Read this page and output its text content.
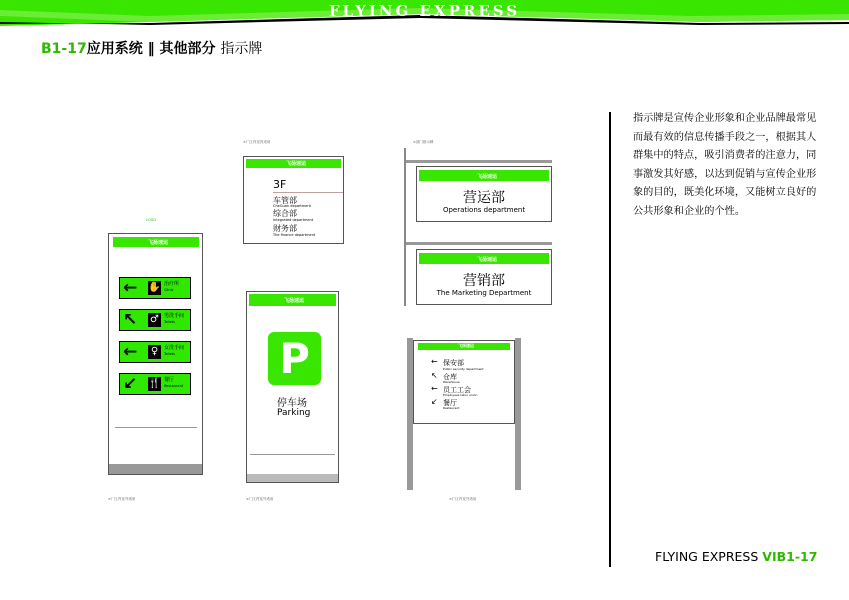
FLYING EXPRESS
B1-17应用系统 ‖ 其他部分 指示牌
LOGO
飞扬速运
← ✋ 治疗所
Clinic
↖ ♂	男洗手间
Toilets
← ♀	女洗手间
Toilets
↙ 🍴 餐厅
Restaurant
×厂区内室外适用
×厂区内室内适用
飞扬速运
3F
车管部
CheGuan department
综合部
Integrated department
财务部
The finance department
飞扬速运
P
停车场
Parking
×厂区内室外适用
×部门指示牌
飞扬速运
营运部
Operations department
飞扬速运
营销部
The Marketing Department
飞扬速运
← 保安部
Public security department
↖ 仓库
Warehouse
← 员工工会
Employees labor union
↙ 餐厅
Restaurant
×厂区内室外适用
指示牌是宣传企业形象和企业品牌最常见而最有效的信息传播手段之一，根据其人群集中的特点，吸引消费者的注意力，同事激发其好感，以达到促销与宣传企业形象的目的，既美化环境，又能树立良好的公共形象和企业的个性。
FLYING EXPRESS VIB1-17
